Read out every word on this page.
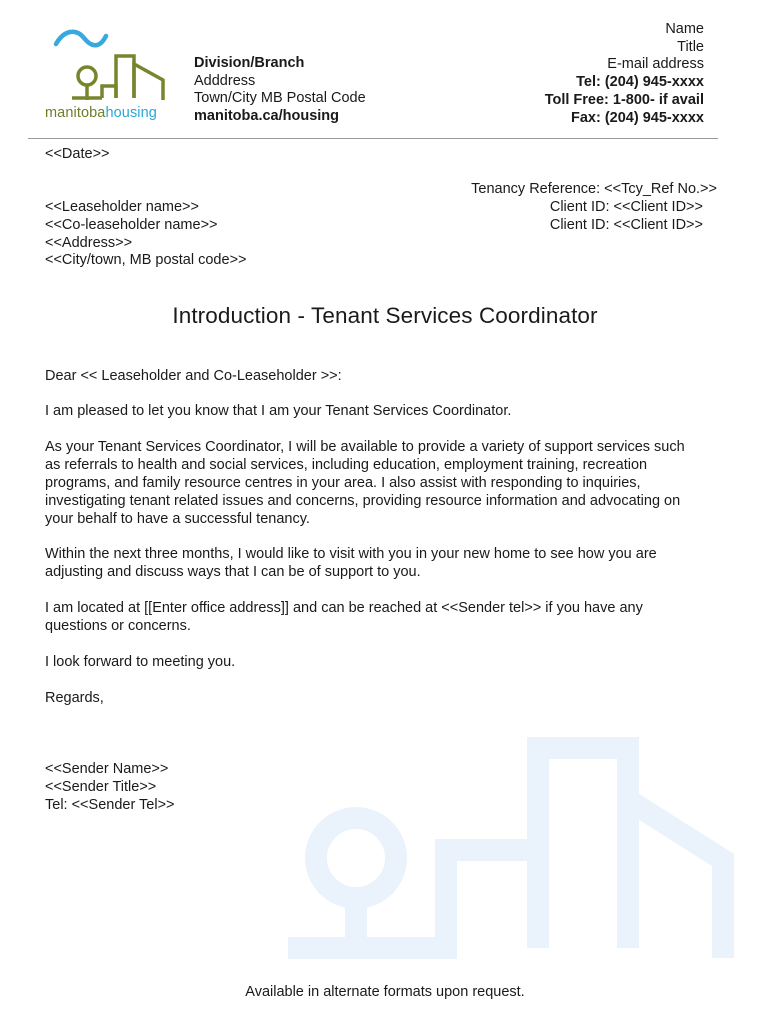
manitobahousing
Division/Branch
Adddress
Town/City MB Postal Code
manitoba.ca/housing
Name
Title
E-mail address
Tel: (204) 945-xxxx
Toll Free: 1-800- if avail
Fax: (204) 945-xxxx
<<Date>>
Tenancy Reference: <<Tcy_Ref No.>>
Client ID: <<Client ID>>
Client ID: <<Client ID>>
<<Leaseholder name>>
<<Co-leaseholder name>>
<<Address>>
<<City/town, MB postal code>>
Introduction - Tenant Services Coordinator
Dear << Leaseholder and Co-Leaseholder >>:
I am pleased to let you know that I am your Tenant Services Coordinator.
As your Tenant Services Coordinator, I will be available to provide a variety of support services such
as referrals to health and social services, including education, employment training, recreation
programs, and family resource centres in your area. I also assist with responding to inquiries,
investigating tenant related issues and concerns, providing resource information and advocating on
your behalf to have a successful tenancy.
Within the next three months, I would like to visit with you in your new home to see how you are
adjusting and discuss ways that I can be of support to you.
I am located at [[Enter office address]] and can be reached at <<Sender tel>> if you have any
questions or concerns.
I look forward to meeting you.
Regards,
<<Sender Name>>
<<Sender Title>>
Tel: <<Sender Tel>>
Available in alternate formats upon request.
